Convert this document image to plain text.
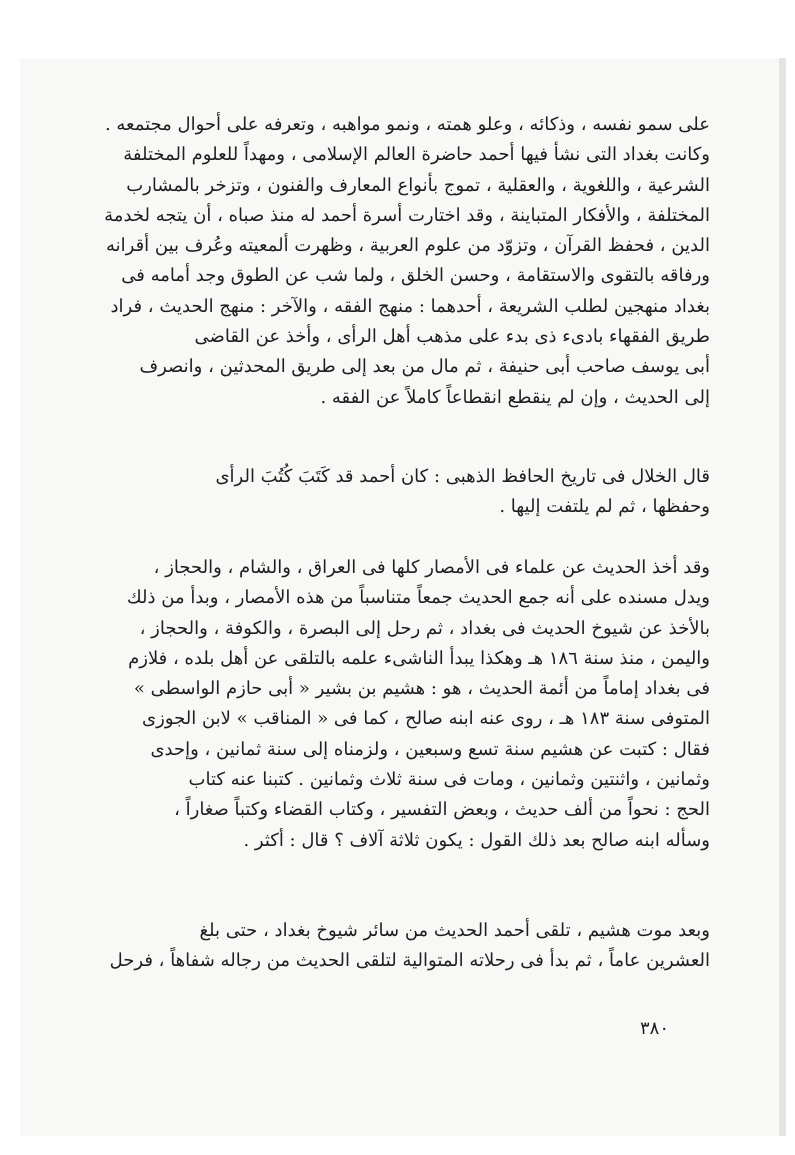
على سمو نفسه ، وذكائه ، وعلو همته ، ونمو مواهبه ، وتعرفه على أحوال مجتمعه .
وكانت بغداد التى نشأ فيها أحمد حاضرة العالم الإسلامى ، ومهداً للعلوم المختلفة
الشرعية ، واللغوية ، والعقلية ، تموج بأنواع المعارف والفنون ، وتزخر بالمشارب
المختلفة ، والأفكار المتباينة ، وقد اختارت أسرة أحمد له منذ صباه ، أن يتجه لخدمة
الدين ، فحفظ القرآن ، وتزوّد من علوم العربية ، وظهرت ألمعيته وعُرف بين أقرانه
ورفاقه بالتقوى والاستقامة ، وحسن الخلق ، ولما شب عن الطوق وجد أمامه فى
بغداد منهجين لطلب الشريعة ، أحدهما : منهج الفقه ، والآخر : منهج الحديث ، فراد
طريق الفقهاء بادىء ذى بدء على مذهب أهل الرأى ، وأخذ عن القاضى
أبى يوسف صاحب أبى حنيفة ، ثم مال من بعد إلى طريق المحدثين ، وانصرف
إلى الحديث ، وإن لم ينقطع انقطاعاً كاملاً عن الفقه .
قال الخلال فى تاريخ الحافظ الذهبى : كان أحمد قد كَتَبَ كُتُبَ الرأى
وحفظها ، ثم لم يلتفت إليها .
وقد أخذ الحديث عن علماء فى الأمصار كلها فى العراق ، والشام ، والحجاز ،
ويدل مسنده على أنه جمع الحديث جمعاً متناسباً من هذه الأمصار ، وبدأ من ذلك
بالأخذ عن شيوخ الحديث فى بغداد ، ثم رحل إلى البصرة ، والكوفة ، والحجاز ،
واليمن ، منذ سنة ١٨٦ هـ وهكذا يبدأ الناشىء علمه بالتلقى عن أهل بلده ، فلازم
فى بغداد إماماً من أئمة الحديث ، هو : هشيم بن بشير « أبى حازم الواسطى »
المتوفى سنة ١٨٣ هـ ، روى عنه ابنه صالح ، كما فى « المناقب » لابن الجوزى
فقال : كتبت عن هشيم سنة تسع وسبعين ، ولزمناه إلى سنة ثمانين ، وإحدى
وثمانين ، واثنتين وثمانين ، ومات فى سنة ثلاث وثمانين . كتبنا عنه كتاب
الحج : نحواً من ألف حديث ، وبعض التفسير ، وكتاب القضاء وكتباً صغاراً ،
وسأله ابنه صالح بعد ذلك القول : يكون ثلاثة آلاف ؟ قال : أكثر .
وبعد موت هشيم ، تلقى أحمد الحديث من سائر شيوخ بغداد ، حتى بلغ
العشرين عاماً ، ثم بدأ فى رحلاته المتوالية لتلقى الحديث من رجاله شفاهاً ، فرحل
٣٨٠
